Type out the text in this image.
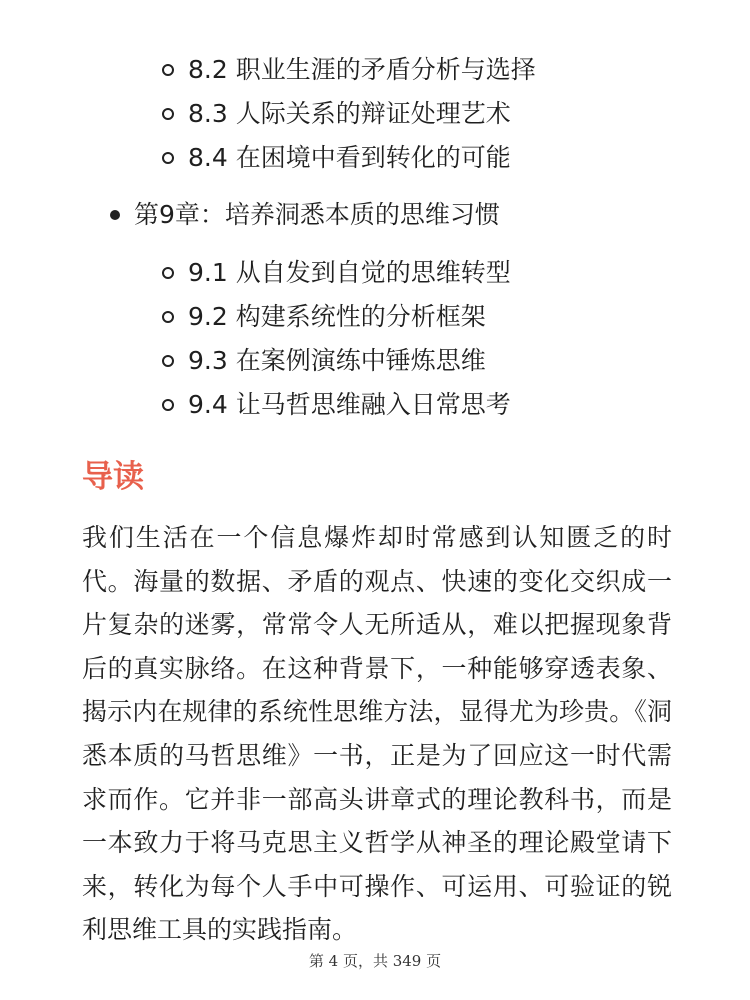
8.2 职业生涯的矛盾分析与选择
8.3 人际关系的辩证处理艺术
8.4 在困境中看到转化的可能
第9章：培养洞悉本质的思维习惯
9.1 从自发到自觉的思维转型
9.2 构建系统性的分析框架
9.3 在案例演练中锤炼思维
9.4 让马哲思维融入日常思考
导读

我们生活在一个信息爆炸却时常感到认知匮乏的时代。海量的数据、矛盾的观点、快速的变化交织成一片复杂的迷雾，常常令人无所适从，难以把握现象背后的真实脉络。在这种背景下，一种能够穿透表象、揭示内在规律的系统性思维方法，显得尤为珍贵。《洞悉本质的马哲思维》一书，正是为了回应这一时代需求而作。它并非一部高头讲章式的理论教科书，而是一本致力于将马克思主义哲学从神圣的理论殿堂请下来，转化为每个人手中可操作、可运用、可验证的锐利思维工具的实践指南。

第 4 页，共 349 页
